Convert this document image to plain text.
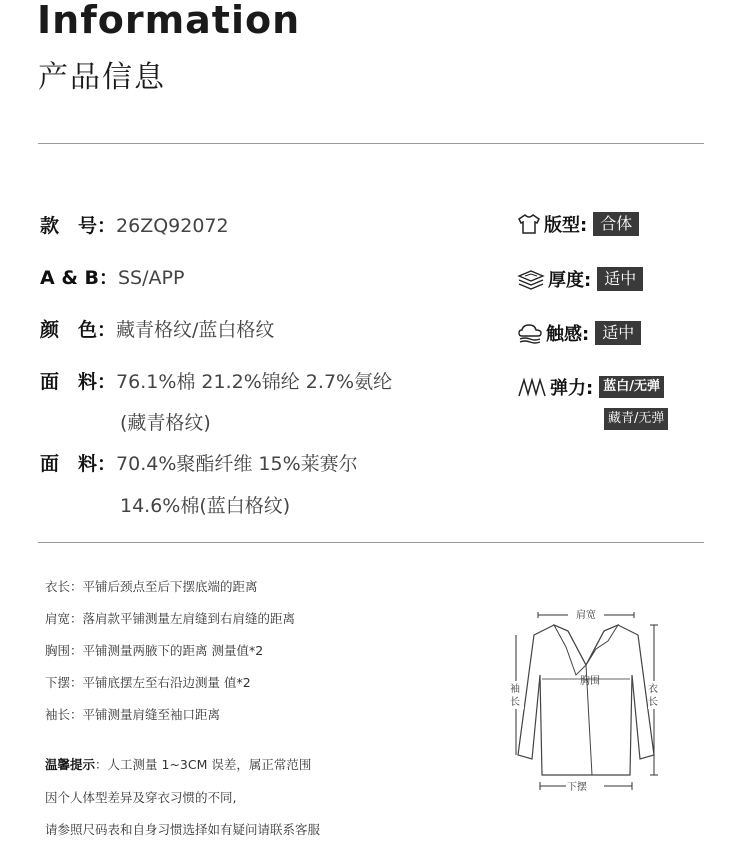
Information
产品信息
款　号：26ZQ92072
A & B：SS/APP
颜　色：藏青格纹/蓝白格纹
面　料：76.1%棉 21.2%锦纶 2.7%氨纶
(藏青格纹)
面　料：70.4%聚酯纤维 15%莱赛尔
14.6%棉(蓝白格纹)
版型: 合体
厚度: 适中
触感: 适中
弹力: 蓝白/无弹
藏青/无弹
衣长：平铺后颈点至后下摆底端的距离
肩宽：落肩款平铺测量左肩缝到右肩缝的距离
胸围：平铺测量两腋下的距离 测量值*2
下摆：平铺底摆左至右沿边测量 值*2
袖长：平铺测量肩缝至袖口距离
温馨提示：人工测量 1~3CM 误差，属正常范围
因个人体型差异及穿衣习惯的不同,
请参照尺码表和自身习惯选择如有疑问请联系客服
肩宽
胸围
袖长
衣长
下摆
